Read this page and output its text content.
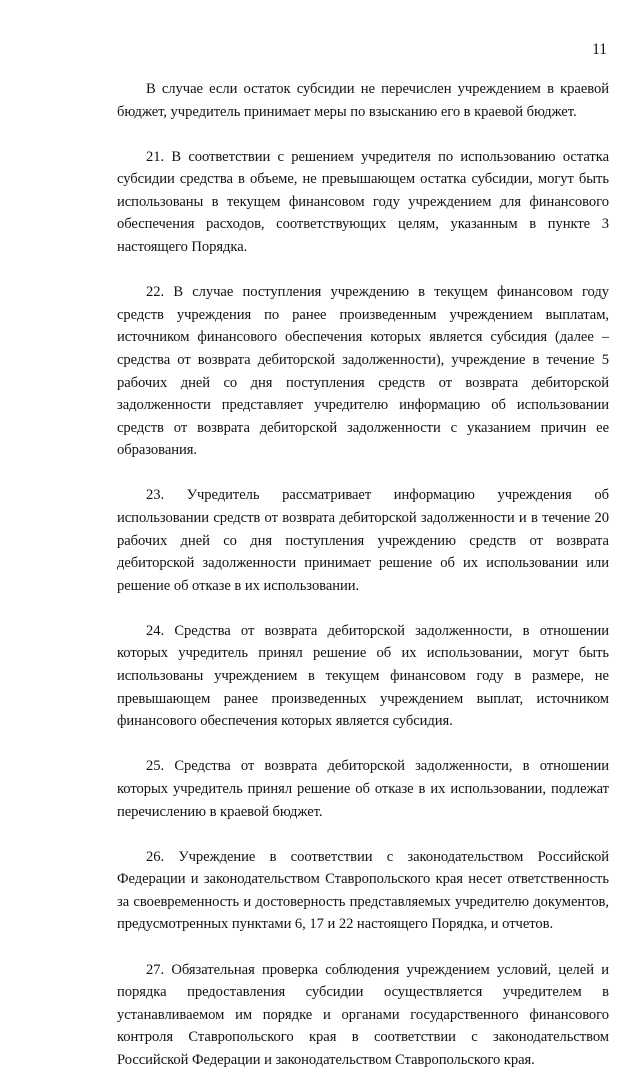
11

В случае если остаток субсидии не перечислен учреждением в краевой бюджет, учредитель принимает меры по взысканию его в краевой бюджет.

21. В соответствии с решением учредителя по использованию остатка субсидии средства в объеме, не превышающем остатка субсидии, могут быть использованы в текущем финансовом году учреждением для финансового обеспечения расходов, соответствующих целям, указанным в пункте 3 настоящего Порядка.

22. В случае поступления учреждению в текущем финансовом году средств учреждения по ранее произведенным учреждением выплатам, источником финансового обеспечения которых является субсидия (далее – средства от возврата дебиторской задолженности), учреждение в течение 5 рабочих дней со дня поступления средств от возврата дебиторской задолженности представляет учредителю информацию об использовании средств от возврата дебиторской задолженности с указанием причин ее образования.

23. Учредитель рассматривает информацию учреждения об использовании средств от возврата дебиторской задолженности и в течение 20 рабочих дней со дня поступления учреждению средств от возврата дебиторской задолженности принимает решение об их использовании или решение об отказе в их использовании.

24. Средства от возврата дебиторской задолженности, в отношении которых учредитель принял решение об их использовании, могут быть использованы учреждением в текущем финансовом году в размере, не превышающем ранее произведенных учреждением выплат, источником финансового обеспечения которых является субсидия.

25. Средства от возврата дебиторской задолженности, в отношении которых учредитель принял решение об отказе в их использовании, подлежат перечислению в краевой бюджет.

26. Учреждение в соответствии с законодательством Российской Федерации и законодательством Ставропольского края несет ответственность за своевременность и достоверность представляемых учредителю документов, предусмотренных пунктами 6, 17 и 22 настоящего Порядка, и отчетов.

27. Обязательная проверка соблюдения учреждением условий, целей и порядка предоставления субсидии осуществляется учредителем в устанавливаемом им порядке и органами государственного финансового контроля Ставропольского края в соответствии с законодательством Российской Федерации и законодательством Ставропольского края.
